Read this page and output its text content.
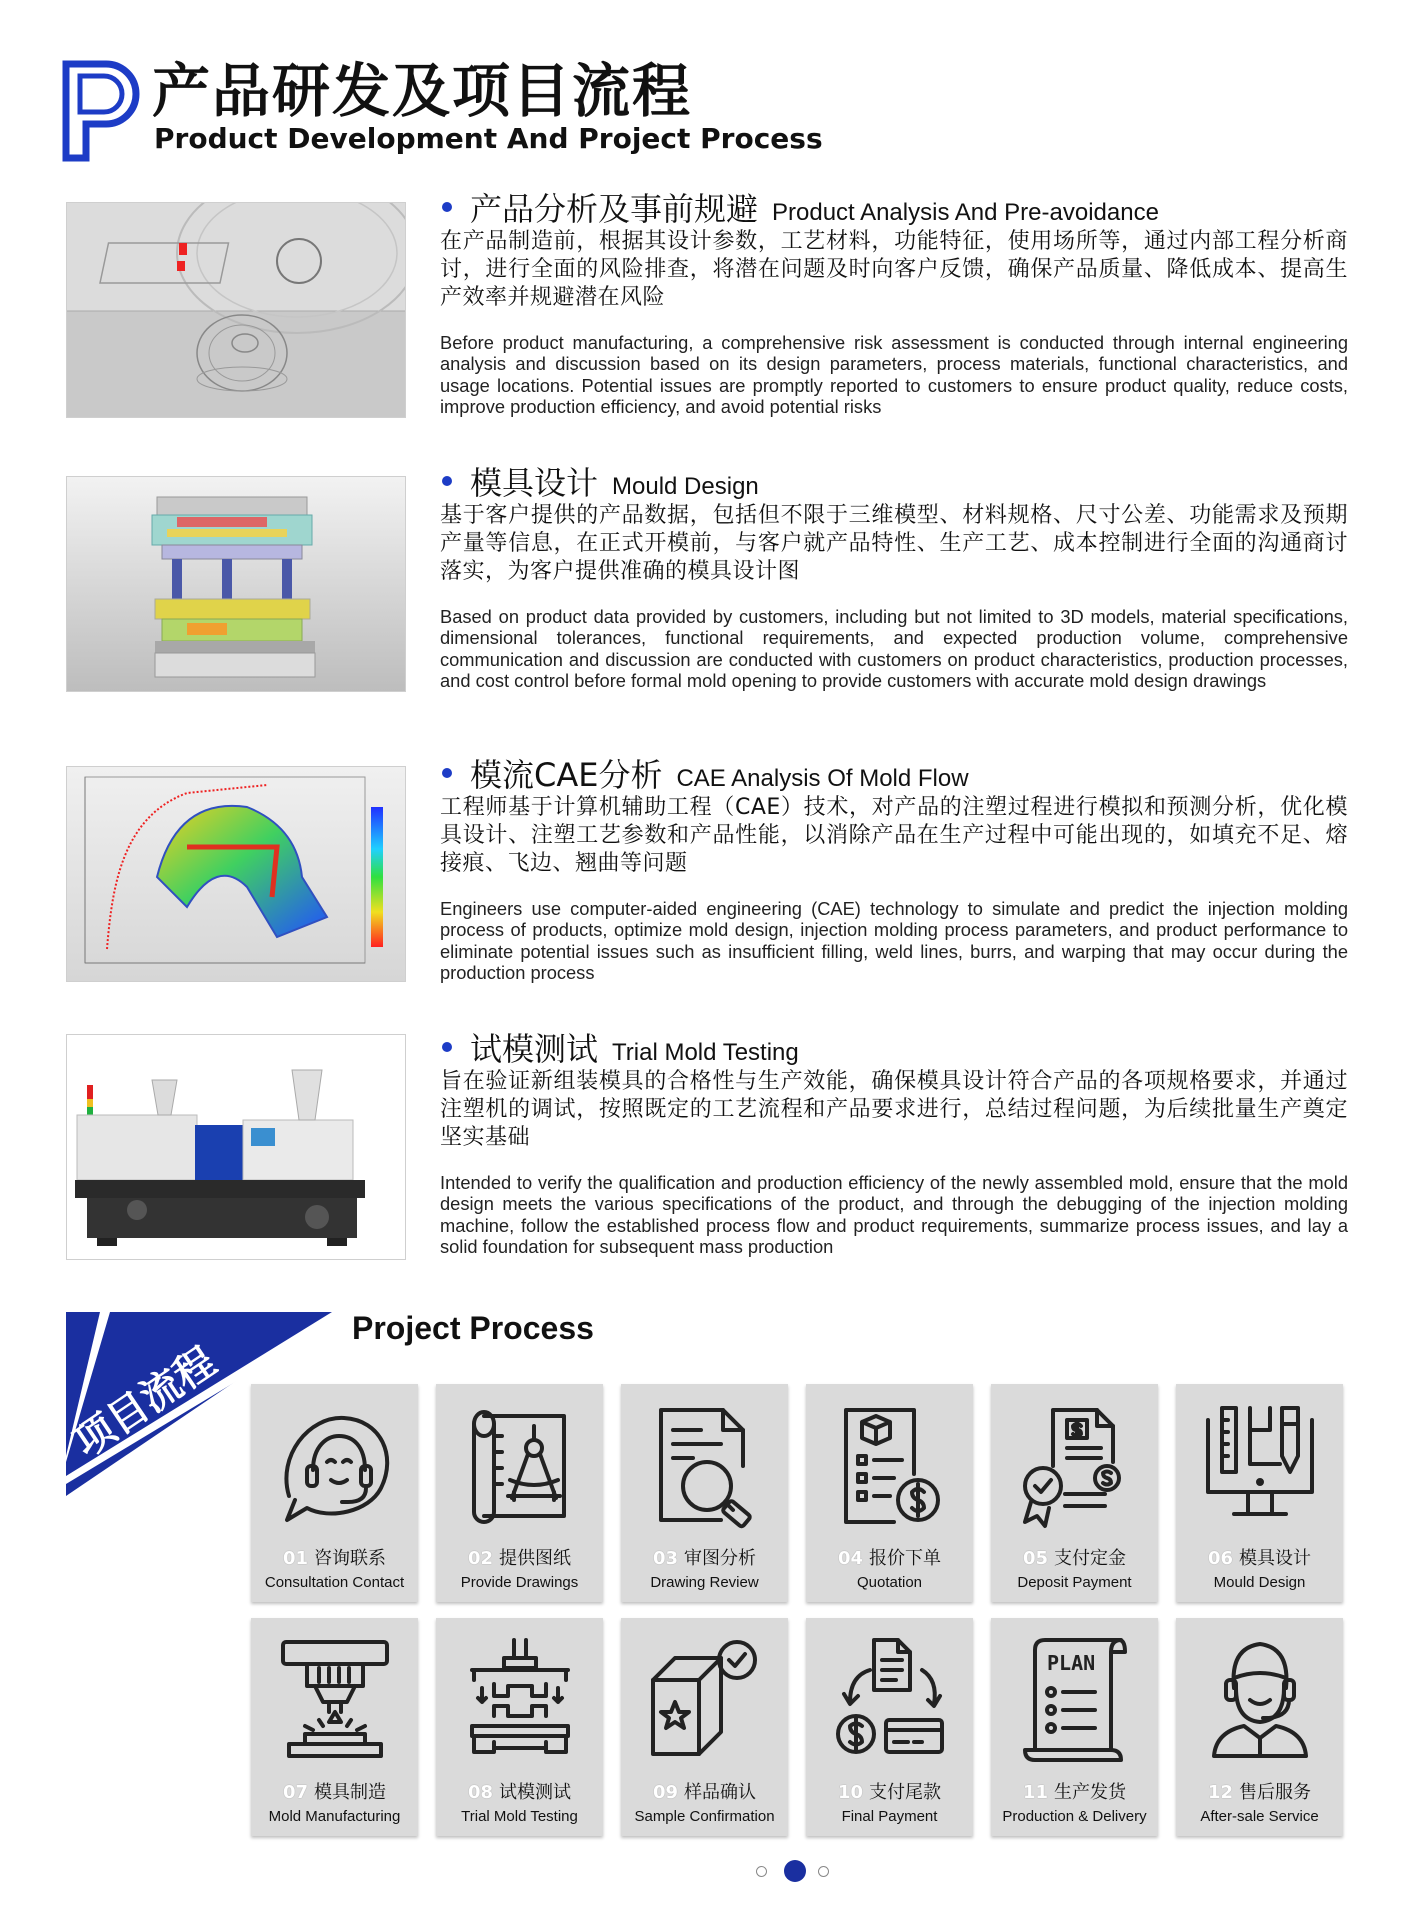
产品研发及项目流程
Product Development And Project Process
产品分析及事前规避 Product Analysis And Pre-avoidance

在产品制造前，根据其设计参数，工艺材料，功能特征，使用场所等，通过内部工程分析商讨，进行全面的风险排查，将潜在问题及时向客户反馈，确保产品质量、降低成本、提高生产效率并规避潜在风险

Before product manufacturing, a comprehensive risk assessment is conducted through internal engineering analysis and discussion based on its design parameters, process materials, functional characteristics, and usage locations. Potential issues are promptly reported to customers to ensure product quality, reduce costs, improve production efficiency, and avoid potential risks

模具设计 Mould Design

基于客户提供的产品数据，包括但不限于三维模型、材料规格、尺寸公差、功能需求及预期产量等信息，在正式开模前，与客户就产品特性、生产工艺、成本控制进行全面的沟通商讨落实，为客户提供准确的模具设计图

Based on product data provided by customers, including but not limited to 3D models, material specifications, dimensional tolerances, functional requirements, and expected production volume, comprehensive communication and discussion are conducted with customers on product characteristics, production processes, and cost control before formal mold opening to provide customers with accurate mold design drawings

模流CAE分析 CAE Analysis Of Mold Flow

工程师基于计算机辅助工程（CAE）技术，对产品的注塑过程进行模拟和预测分析，优化模具设计、注塑工艺参数和产品性能，以消除产品在生产过程中可能出现的，如填充不足、熔接痕、飞边、翘曲等问题

Engineers use computer-aided engineering (CAE) technology to simulate and predict the injection molding process of products, optimize mold design, injection molding process parameters, and product performance to eliminate potential issues such as insufficient filling, weld lines, burrs, and warping that may occur during the production process

试模测试 Trial Mold Testing

旨在验证新组装模具的合格性与生产效能，确保模具设计符合产品的各项规格要求，并通过注塑机的调试，按照既定的工艺流程和产品要求进行，总结过程问题，为后续批量生产奠定坚实基础

Intended to verify the qualification and production efficiency of the newly assembled mold, ensure that the mold design meets the various specifications of the product, and through the debugging of the injection molding machine, follow the established process flow and product requirements, summarize process issues, and lay a solid foundation for subsequent mass production

项目流程
Project Process
01 咨询联系
Consultation Contact
02 提供图纸
Provide Drawings
03 审图分析
Drawing Review
04 报价下单
Quotation
05 支付定金
Deposit Payment
06 模具设计
Mould Design
07 模具制造
Mold Manufacturing
08 试模测试
Trial Mold Testing
09 样品确认
Sample Confirmation
10 支付尾款
Final Payment
PLAN
11 生产发货
Production & Delivery
12 售后服务
After-sale Service
